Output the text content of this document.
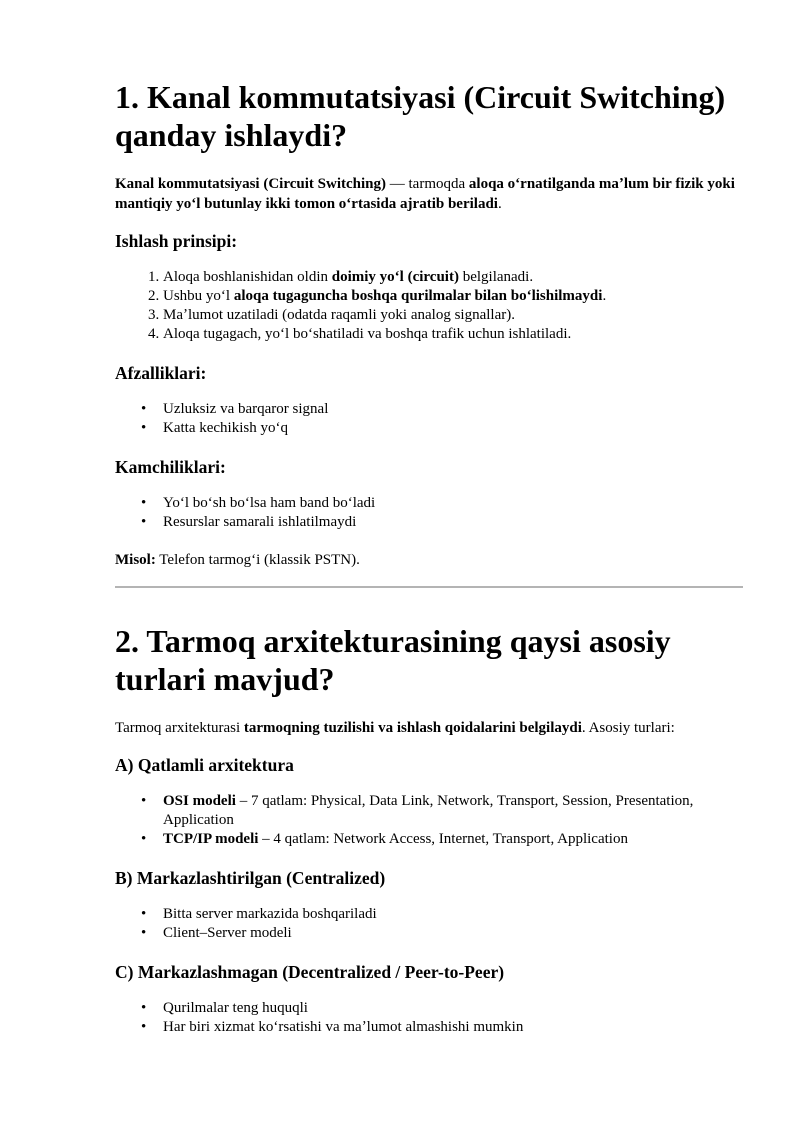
1. Kanal kommutatsiyasi (Circuit Switching) qanday ishlaydi?

Kanal kommutatsiyasi (Circuit Switching) — tarmoqda aloqa oʻrnatilganda maʼlum bir fizik yoki mantiqiy yoʻl butunlay ikki tomon oʻrtasida ajratib beriladi.

Ishlash prinsipi:
1. Aloqa boshlanishidan oldin doimiy yoʻl (circuit) belgilanadi.
2. Ushbu yoʻl aloqa tugaguncha boshqa qurilmalar bilan boʻlishilmaydi.
3. Maʼlumot uzatiladi (odatda raqamli yoki analog signallar).
4. Aloqa tugagach, yoʻl boʻshatiladi va boshqa trafik uchun ishlatiladi.
Afzalliklari:
• Uzluksiz va barqaror signal
• Katta kechikish yoʻq
Kamchiliklari:
• Yoʻl boʻsh boʻlsa ham band boʻladi
• Resurslar samarali ishlatilmaydi

Misol: Telefon tarmogʻi (klassik PSTN).

2. Tarmoq arxitekturasining qaysi asosiy turlari mavjud?

Tarmoq arxitekturasi tarmoqning tuzilishi va ishlash qoidalarini belgilaydi. Asosiy turlari:

A) Qatlamli arxitektura
• OSI modeli – 7 qatlam: Physical, Data Link, Network, Transport, Session, Presentation, Application
• TCP/IP modeli – 4 qatlam: Network Access, Internet, Transport, Application
B) Markazlashtirilgan (Centralized)
• Bitta server markazida boshqariladi
• Client–Server modeli
C) Markazlashmagan (Decentralized / Peer-to-Peer)
• Qurilmalar teng huquqli
• Har biri xizmat koʻrsatishi va maʼlumot almashishi mumkin
